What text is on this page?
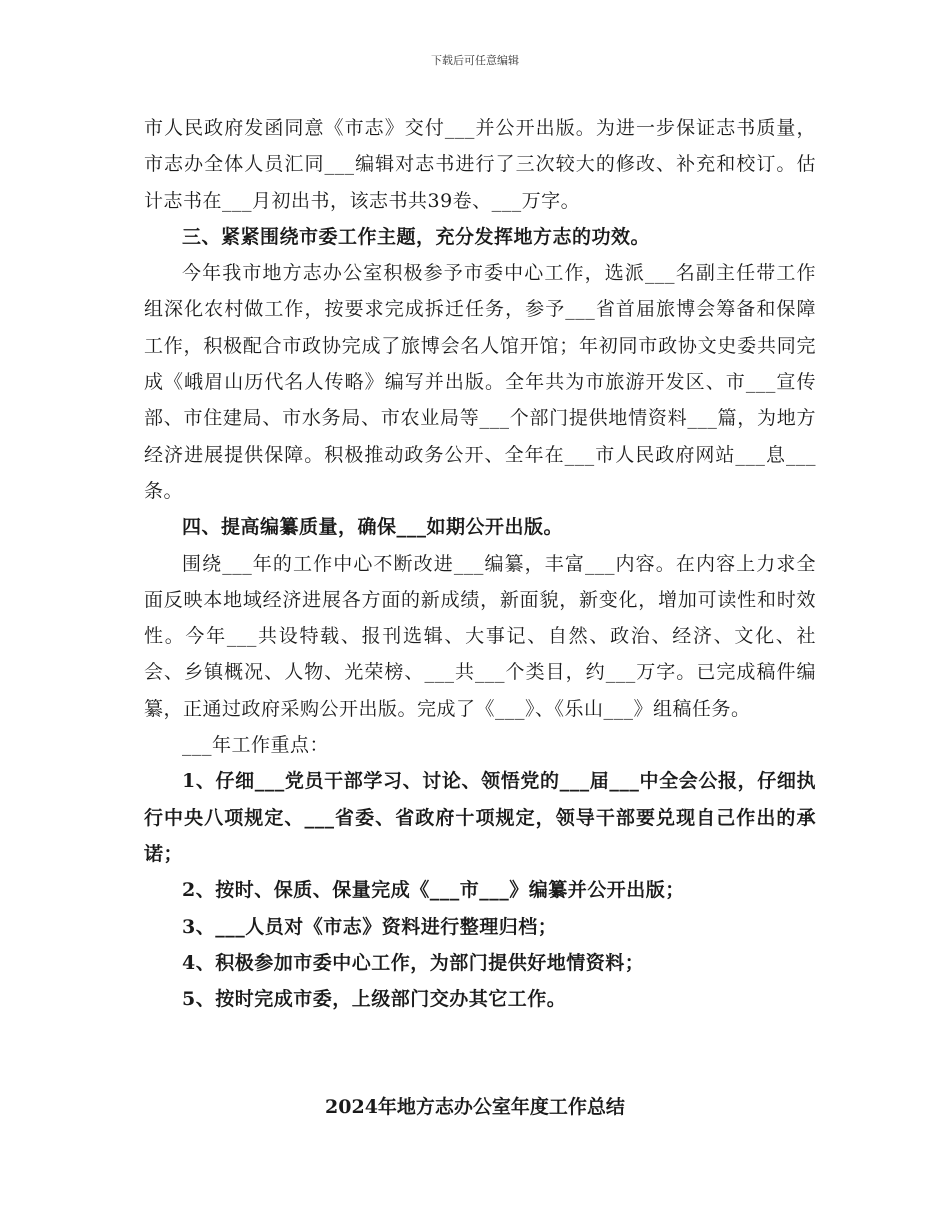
下载后可任意编辑

市人民政府发函同意《市志》交付___并公开出版。为进一步保证志书质量，市志办全体人员汇同___编辑对志书进行了三次较大的修改、补充和校订。估计志书在___月初出书，该志书共39卷、___万字。

三、紧紧围绕市委工作主题，充分发挥地方志的功效。

今年我市地方志办公室积极参予市委中心工作，选派___名副主任带工作组深化农村做工作，按要求完成拆迁任务，参予___省首届旅博会筹备和保障工作，积极配合市政协完成了旅博会名人馆开馆；年初同市政协文史委共同完成《峨眉山历代名人传略》编写并出版。全年共为市旅游开发区、市___宣传部、市住建局、市水务局、市农业局等___个部门提供地情资料___篇，为地方经济进展提供保障。积极推动政务公开、全年在___市人民政府网站___息___条。

四、提高编纂质量，确保___如期公开出版。

围绕___年的工作中心不断改进___编纂，丰富___内容。在内容上力求全面反映本地域经济进展各方面的新成绩，新面貌，新变化，增加可读性和时效性。今年___共设特载、报刊选辑、大事记、自然、政治、经济、文化、社会、乡镇概况、人物、光荣榜、___共___个类目，约___万字。已完成稿件编纂，正通过政府采购公开出版。完成了《___》、《乐山___》组稿任务。

___年工作重点：

1、仔细___党员干部学习、讨论、领悟党的___届___中全会公报，仔细执行中央八项规定、___省委、省政府十项规定，领导干部要兑现自己作出的承诺；

2、按时、保质、保量完成《___市___》编纂并公开出版；

3、___人员对《市志》资料进行整理归档；

4、积极参加市委中心工作，为部门提供好地情资料；

5、按时完成市委，上级部门交办其它工作。

2024年地方志办公室年度工作总结
